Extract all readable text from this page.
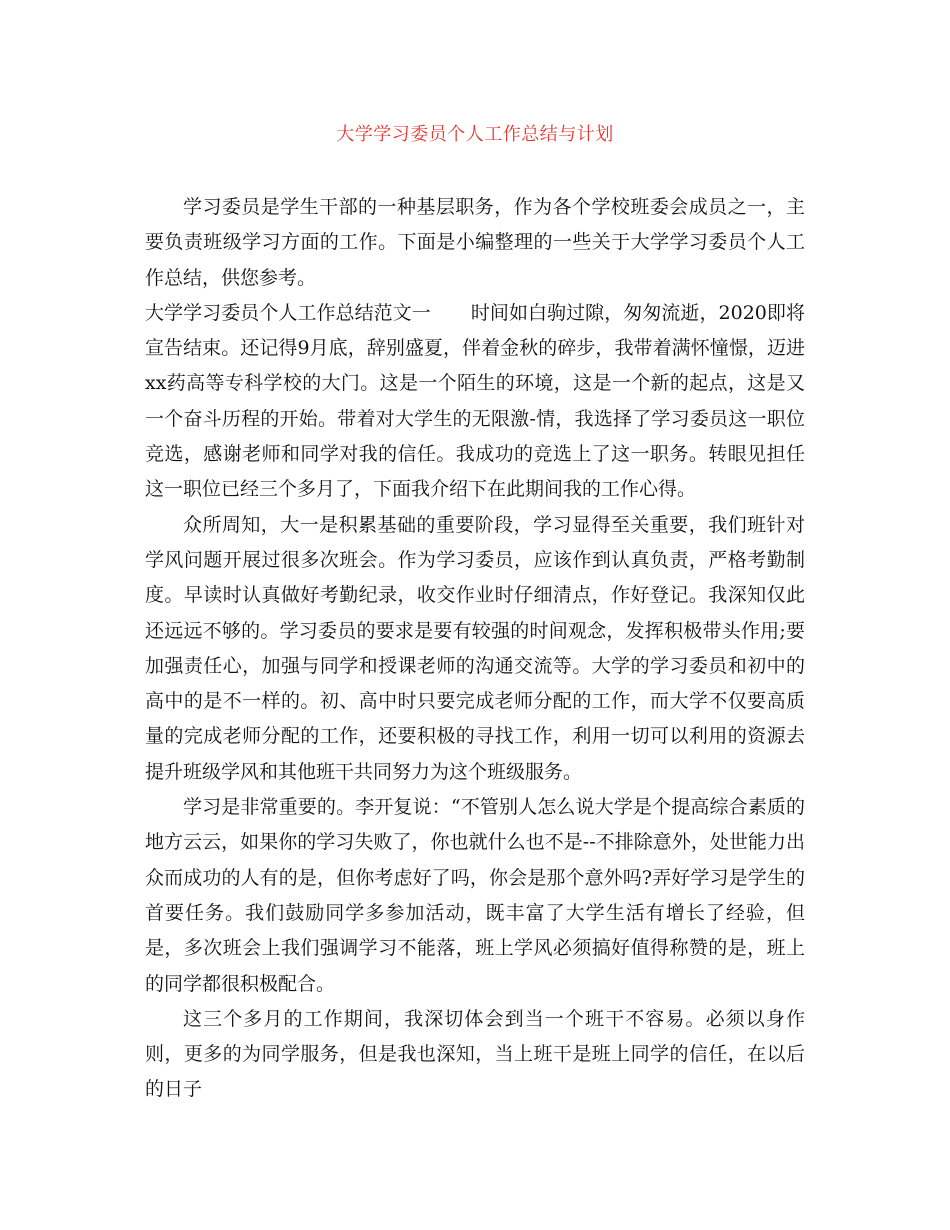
大学学习委员个人工作总结与计划

学习委员是学生干部的一种基层职务，作为各个学校班委会成员之一，主要负责班级学习方面的工作。下面是小编整理的一些关于大学学习委员个人工作总结，供您参考。

大学学习委员个人工作总结范文一 时间如白驹过隙，匆匆流逝，2020即将宣告结束。还记得9月底，辞别盛夏，伴着金秋的碎步，我带着满怀憧憬，迈进xx药高等专科学校的大门。这是一个陌生的环境，这是一个新的起点，这是又一个奋斗历程的开始。带着对大学生的无限激-情，我选择了学习委员这一职位竞选，感谢老师和同学对我的信任。我成功的竞选上了这一职务。转眼见担任这一职位已经三个多月了，下面我介绍下在此期间我的工作心得。

众所周知，大一是积累基础的重要阶段，学习显得至关重要，我们班针对学风问题开展过很多次班会。作为学习委员，应该作到认真负责，严格考勤制度。早读时认真做好考勤纪录，收交作业时仔细清点，作好登记。我深知仅此还远远不够的。学习委员的要求是要有较强的时间观念，发挥积极带头作用;要加强责任心，加强与同学和授课老师的沟通交流等。大学的学习委员和初中的高中的是不一样的。初、高中时只要完成老师分配的工作，而大学不仅要高质量的完成老师分配的工作，还要积极的寻找工作，利用一切可以利用的资源去提升班级学风和其他班干共同努力为这个班级服务。

学习是非常重要的。李开复说：“不管别人怎么说大学是个提高综合素质的地方云云，如果你的学习失败了，你也就什么也不是--不排除意外，处世能力出众而成功的人有的是，但你考虑好了吗，你会是那个意外吗?弄好学习是学生的首要任务。我们鼓励同学多参加活动，既丰富了大学生活有增长了经验，但是，多次班会上我们强调学习不能落，班上学风必须搞好值得称赞的是，班上的同学都很积极配合。

这三个多月的工作期间，我深切体会到当一个班干不容易。必须以身作则，更多的为同学服务，但是我也深知，当上班干是班上同学的信任，在以后的日子
